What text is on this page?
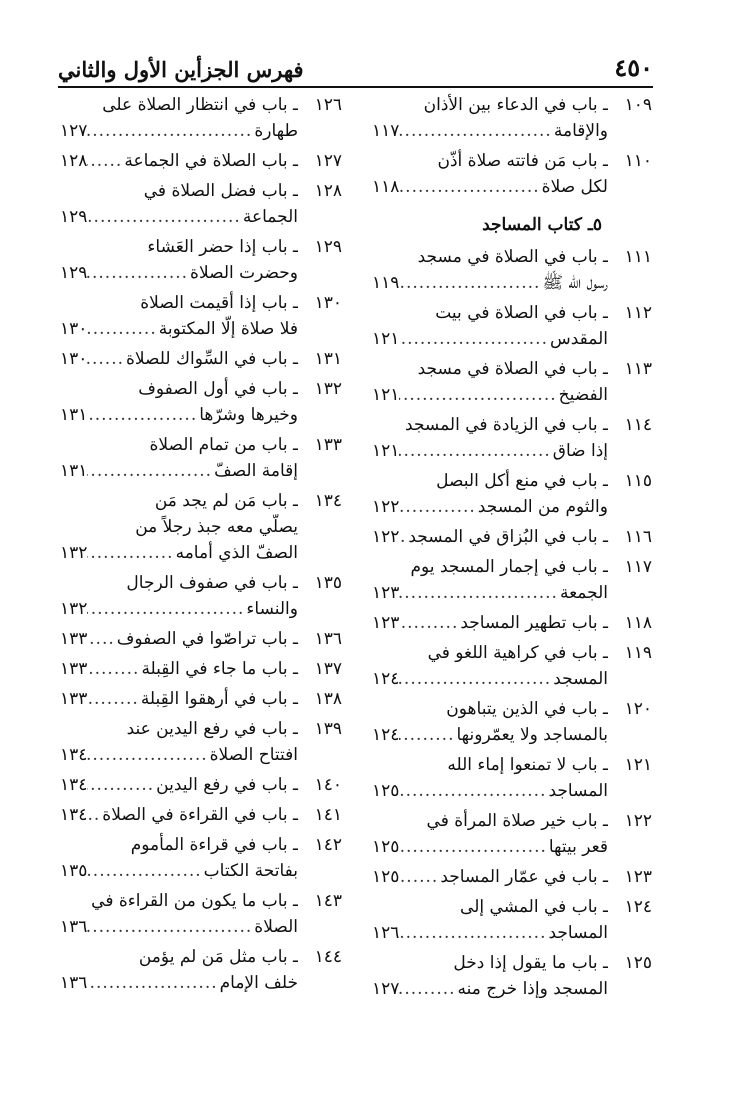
٤٥٠
فهرس الجزأين الأول والثاني
١٠٩
ـ باب في الدعاء بين الأذان
والإقامة
.....
١١٧
١١٠
ـ باب مَن فاتته صلاة أذّن
لكل صلاة
.....
١١٨
٥ـ كتاب المساجد
١١١
ـ باب في الصلاة في مسجد
رسول الله ﷺ
.....
١١٩
١١٢
ـ باب في الصلاة في بيت
المقدس
.....
١٢١
١١٣
ـ باب في الصلاة في مسجد
الفضيخ
.....
١٢١
١١٤
ـ باب في الزيادة في المسجد
إذا ضاق
.....
١٢١
١١٥
ـ باب في منع أكل البصل
والثوم من المسجد
.....
١٢٢
١١٦
ـ باب في البُزاق في المسجد
.....
١٢٢
١١٧
ـ باب في إجمار المسجد يوم
الجمعة
.....
١٢٣
١١٨
ـ باب تطهير المساجد
.....
١٢٣
١١٩
ـ باب في كراهية اللغو في
المسجد
.....
١٢٤
١٢٠
ـ باب في الذين يتباهون
بالمساجد ولا يعمّرونها
.....
١٢٤
١٢١
ـ باب لا تمنعوا إماء الله
المساجد
.....
١٢٥
١٢٢
ـ باب خير صلاة المرأة في
قعر بيتها
.....
١٢٥
١٢٣
ـ باب في عمّار المساجد
.....
١٢٥
١٢٤
ـ باب في المشي إلى
المساجد
.....
١٢٦
١٢٥
ـ باب ما يقول إذا دخل
المسجد وإذا خرج منه
.....
١٢٧
١٢٦
ـ باب في انتظار الصلاة على
طهارة
.....
١٢٧
١٢٧
ـ باب الصلاة في الجماعة
.....
١٢٨
١٢٨
ـ باب فضل الصلاة في
الجماعة
.....
١٢٩
١٢٩
ـ باب إذا حضر العَشاء
وحضرت الصلاة
.....
١٢٩
١٣٠
ـ باب إذا أقيمت الصلاة
فلا صلاة إلّا المكتوبة
.....
١٣٠
١٣١
ـ باب في السِّواك للصلاة
.....
١٣٠
١٣٢
ـ باب في أول الصفوف
وخيرها وشرّها
.....
١٣١
١٣٣
ـ باب من تمام الصلاة
إقامة الصفّ
.....
١٣١
١٣٤
ـ باب مَن لم يجد مَن
يصلّي معه جبذ رجلاً من
الصفّ الذي أمامه
.....
١٣٢
١٣٥
ـ باب في صفوف الرجال
والنساء
.....
١٣٢
١٣٦
ـ باب تراصّوا في الصفوف
.....
١٣٣
١٣٧
ـ باب ما جاء في القِبلة
.....
١٣٣
١٣٨
ـ باب في أرهقوا القِبلة
.....
١٣٣
١٣٩
ـ باب في رفع اليدين عند
افتتاح الصلاة
.....
١٣٤
١٤٠
ـ باب في رفع اليدين
.....
١٣٤
١٤١
ـ باب في القراءة في الصلاة
.....
١٣٤
١٤٢
ـ باب في قراءة المأموم
بفاتحة الكتاب
.....
١٣٥
١٤٣
ـ باب ما يكون من القراءة في
الصلاة
.....
١٣٦
١٤٤
ـ باب مثل مَن لم يؤمن
خلف الإمام
.....
١٣٦
